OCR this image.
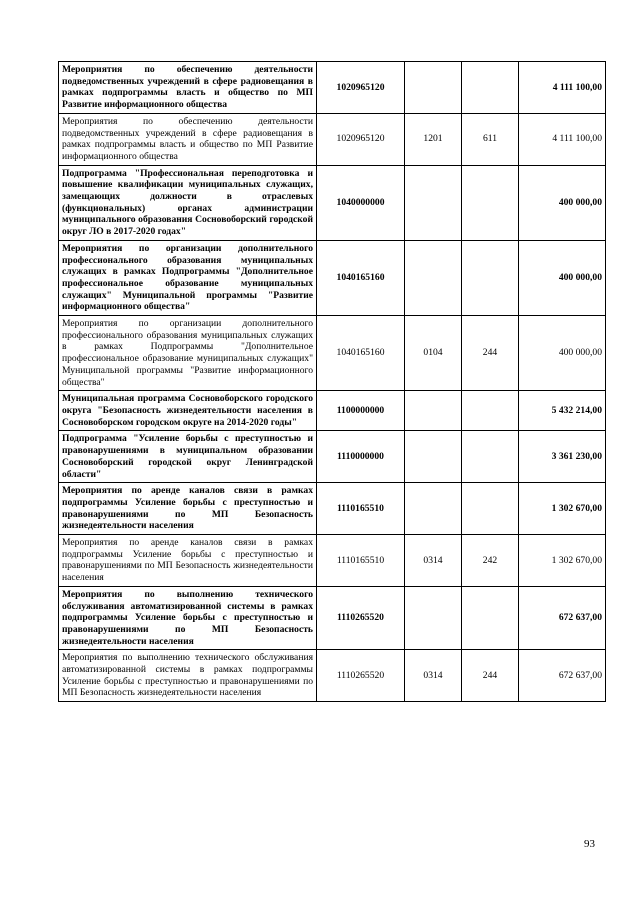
Мероприятия по обеспечению деятельности подведомственных учреждений в сфере радиовещания в рамках подпрограммы власть и общество по МП Развитие информационного общества	1020965120			4 111 100,00
Мероприятия по обеспечению деятельности подведомственных учреждений в сфере радиовещания в рамках подпрограммы власть и общество по МП Развитие информационного общества	1020965120	1201	611	4 111 100,00
Подпрограмма "Профессиональная переподготовка и повышение квалификации муниципальных служащих, замещающих должности в отраслевых (функциональных) органах администрации муниципального образования Сосновоборский городской округ ЛО в 2017-2020 годах"	1040000000			400 000,00
Мероприятия по организации дополнительного профессионального образования муниципальных служащих в рамках Подпрограммы "Дополнительное профессиональное образование муниципальных служащих" Муниципальной программы "Развитие информационного общества"	1040165160			400 000,00
Мероприятия по организации дополнительного профессионального образования муниципальных служащих в рамках Подпрограммы "Дополнительное профессиональное образование муниципальных служащих" Муниципальной программы "Развитие информационного общества"	1040165160	0104	244	400 000,00
Муниципальная программа Сосновоборского городского округа "Безопасность жизнедеятельности населения в Сосновоборском городском округе на 2014-2020 годы"	1100000000			5 432 214,00
Подпрограмма "Усиление борьбы с преступностью и правонарушениями в муниципальном образовании Сосновоборский городской округ Ленинградской области"	1110000000			3 361 230,00
Мероприятия по аренде каналов связи в рамках подпрограммы Усиление борьбы с преступностью и правонарушениями по МП Безопасность жизнедеятельности населения	1110165510			1 302 670,00
Мероприятия по аренде каналов связи в рамках подпрограммы Усиление борьбы с преступностью и правонарушениями по МП Безопасность жизнедеятельности населения	1110165510	0314	242	1 302 670,00
Мероприятия по выполнению технического обслуживания автоматизированной системы в рамках подпрограммы Усиление борьбы с преступностью и правонарушениями по МП Безопасность жизнедеятельности населения	1110265520			672 637,00
Мероприятия по выполнению технического обслуживания автоматизированной системы в рамках подпрограммы Усиление борьбы с преступностью и правонарушениями по МП Безопасность жизнедеятельности населения	1110265520	0314	244	672 637,00
93
